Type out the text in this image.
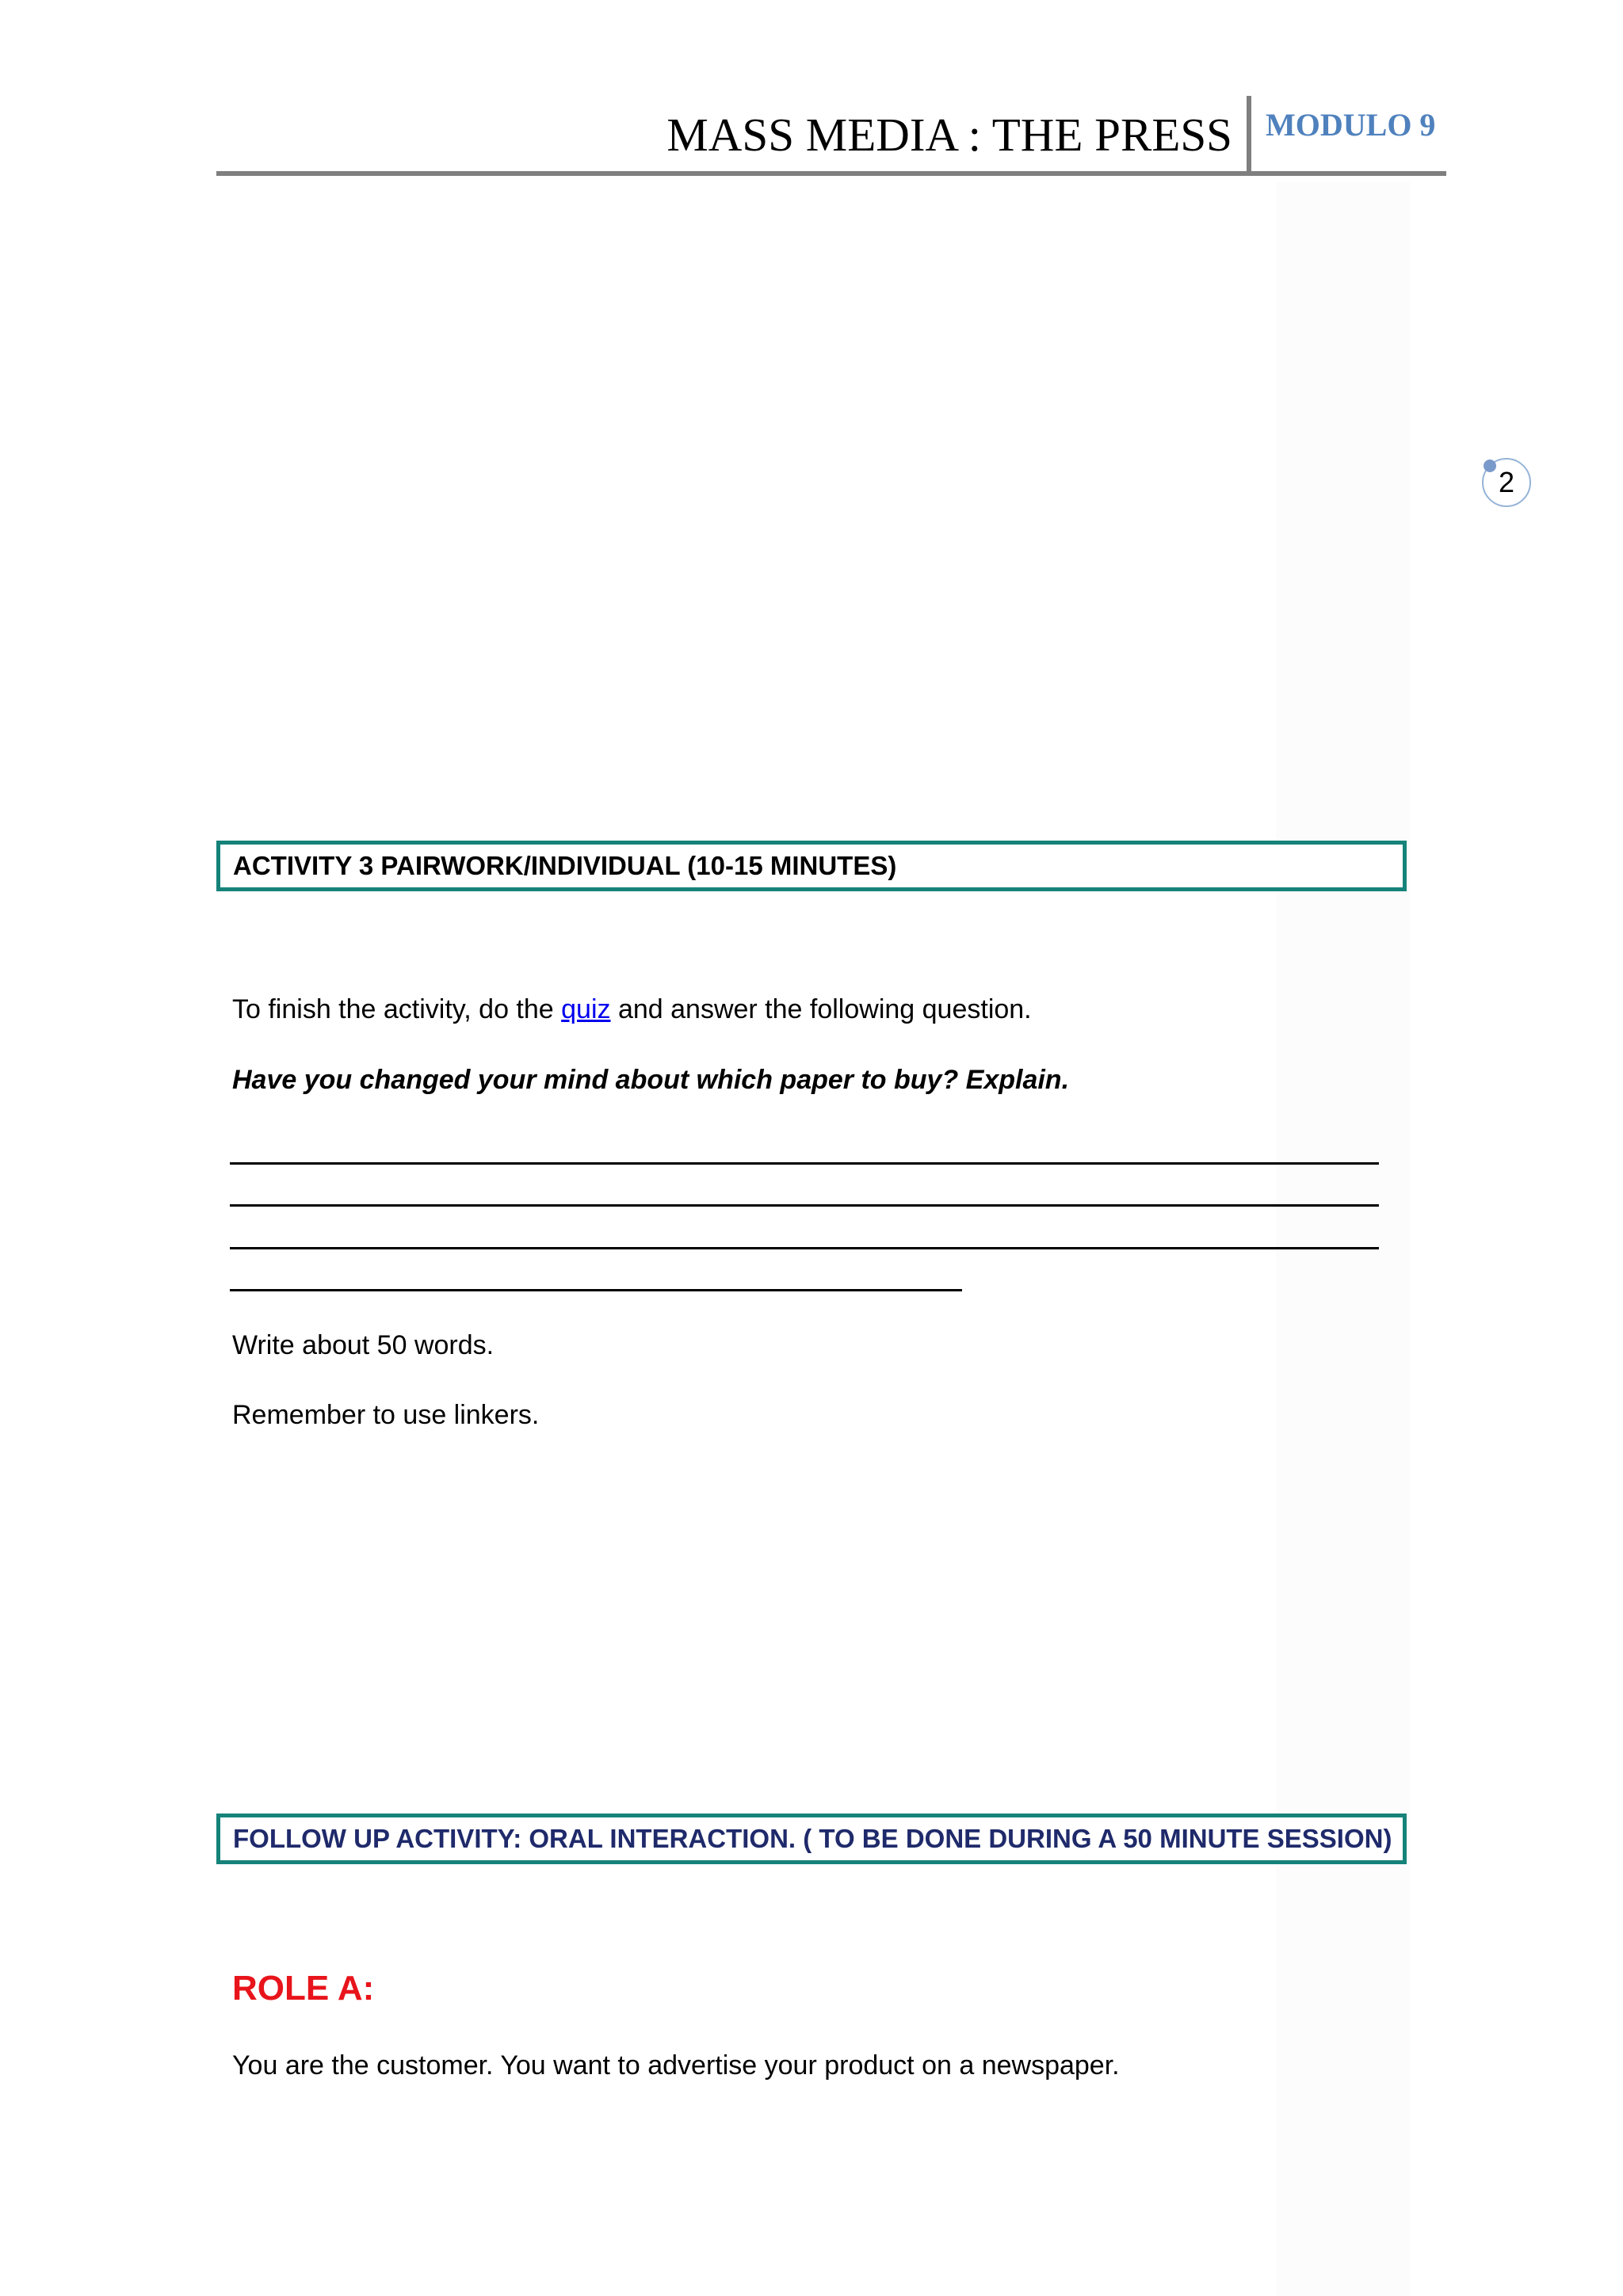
MASS MEDIA : THE PRESS MODULO 9
2
ACTIVITY 3 PAIRWORK/INDIVIDUAL (10-15 MINUTES)
To finish the activity, do the quiz and answer the following question.
Have you changed your mind about which paper to buy? Explain.
Write about 50 words.
Remember to use linkers.
FOLLOW UP ACTIVITY: ORAL INTERACTION. ( TO BE DONE DURING A 50 MINUTE SESSION)
ROLE A:
You are the customer. You want to advertise your product on a newspaper.
